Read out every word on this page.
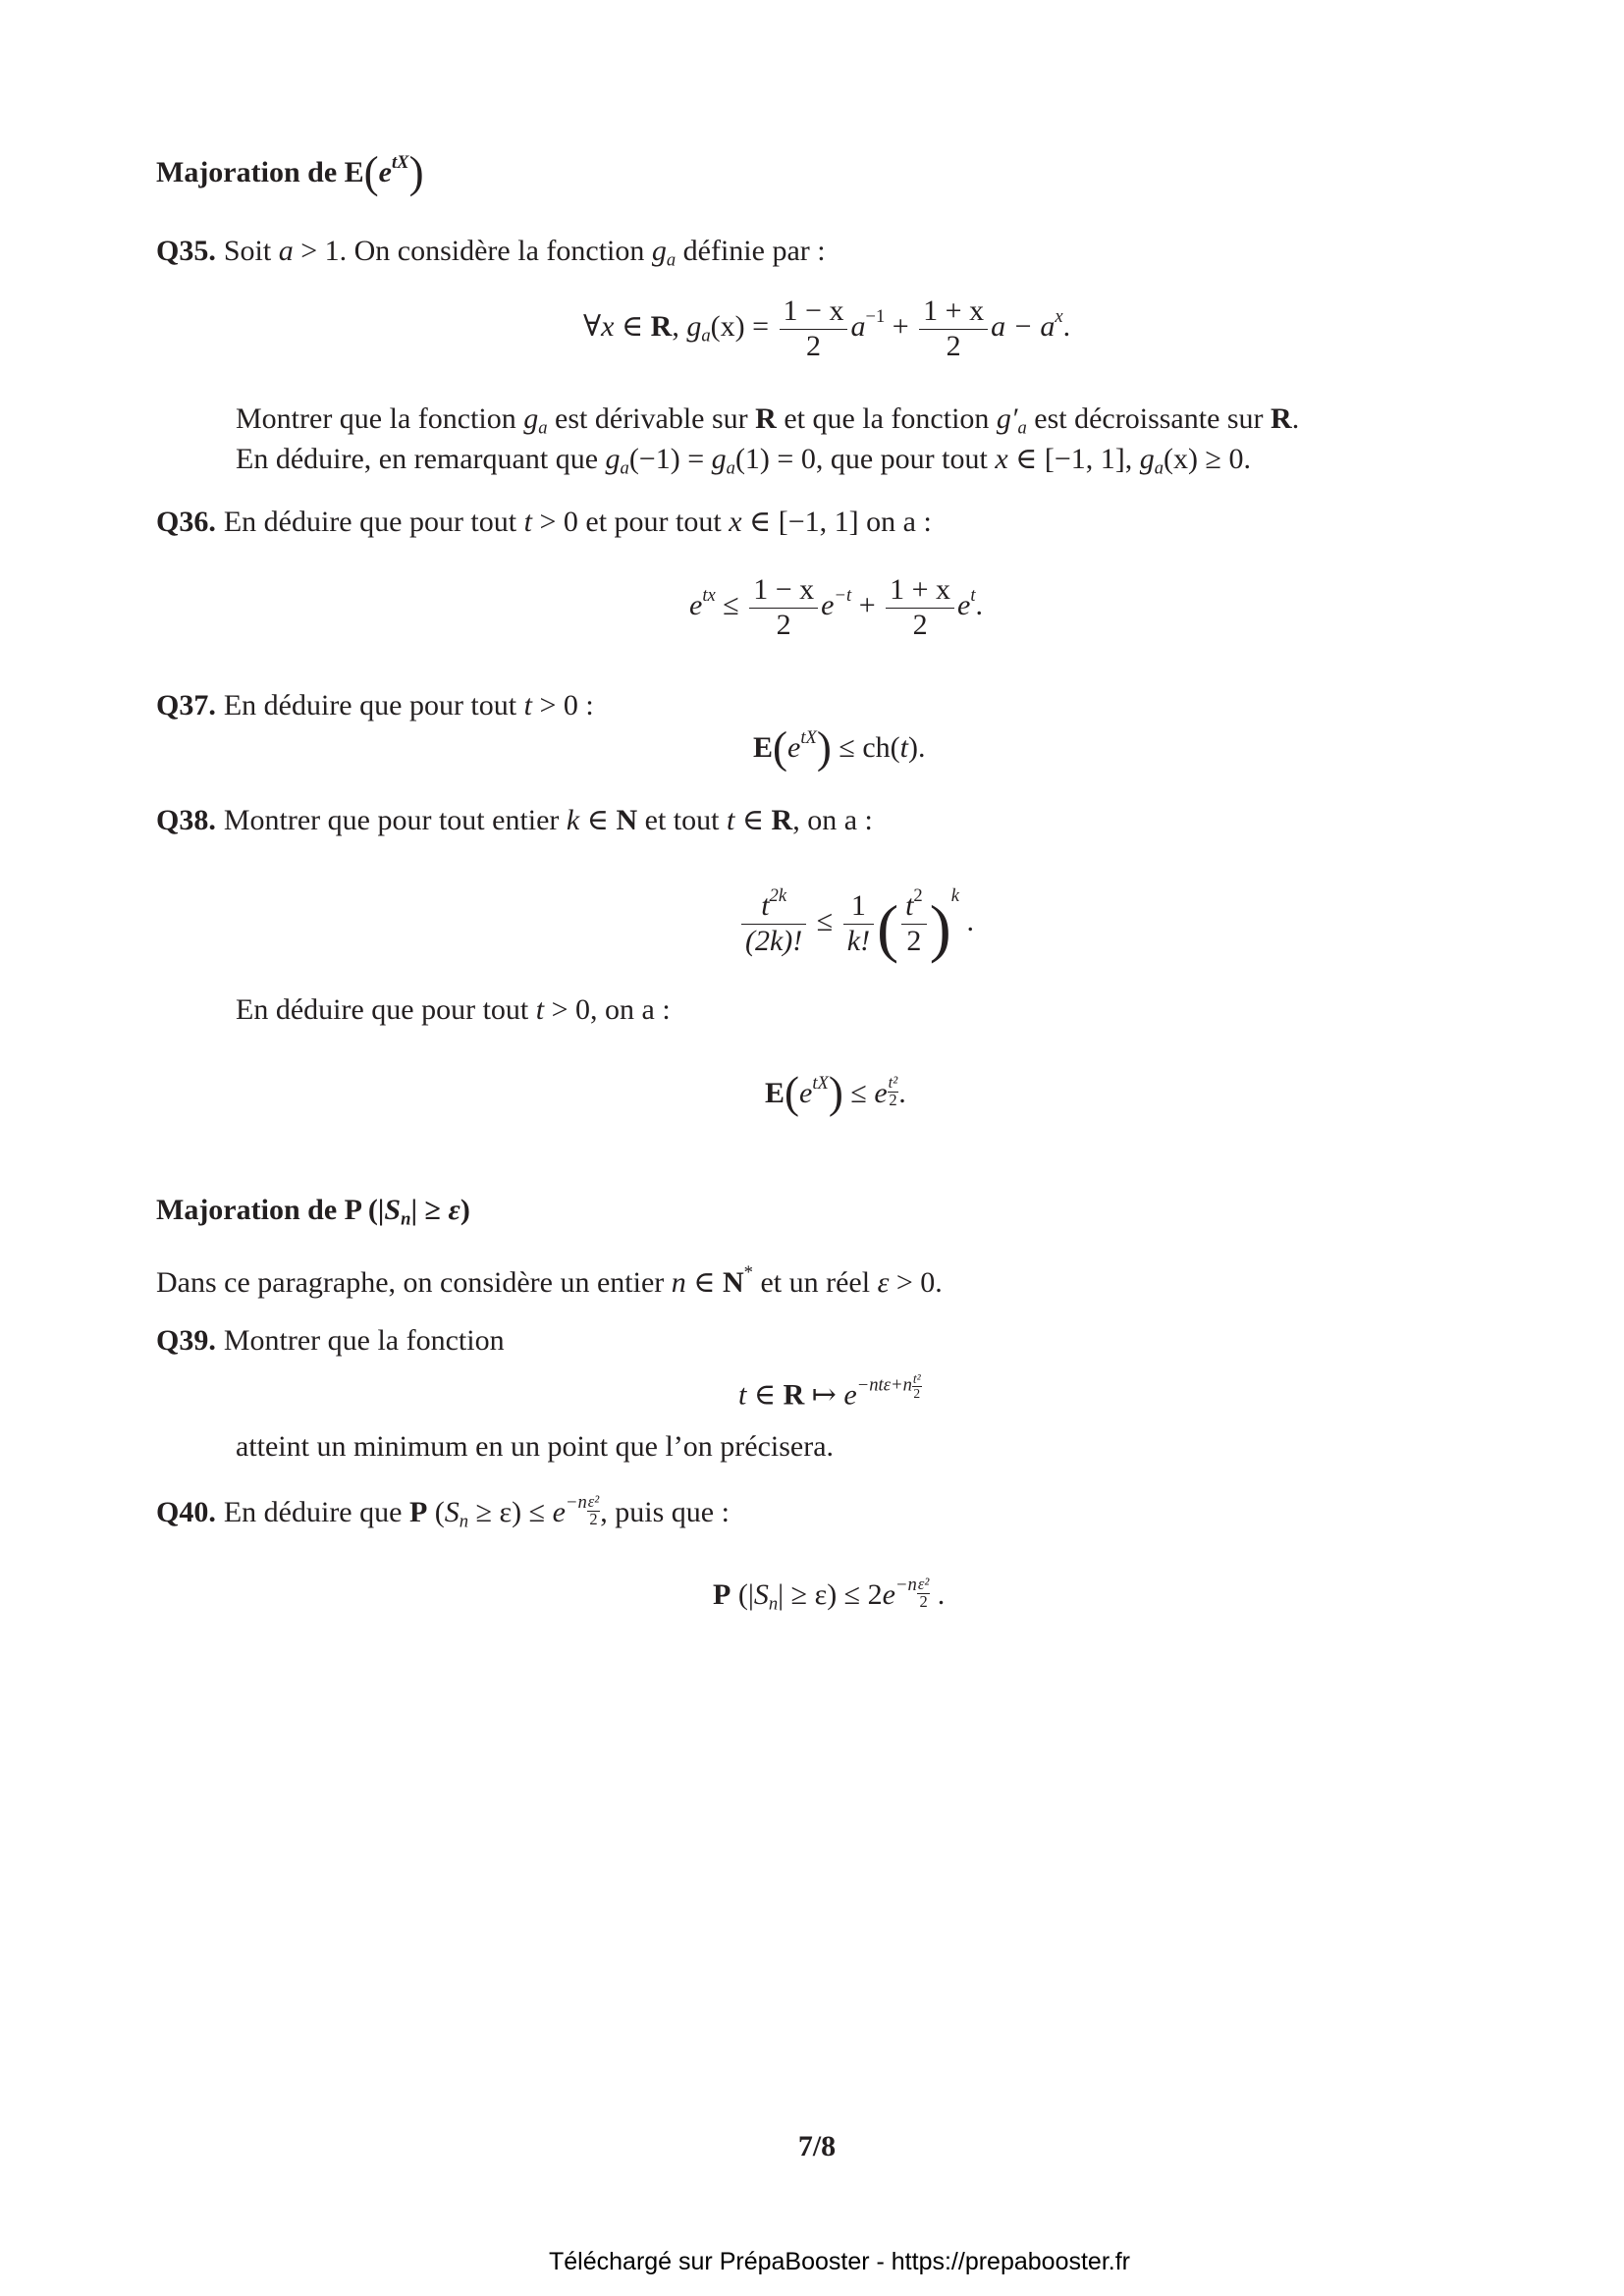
Majoration de $E(e^{tX})$
Q35. Soit a > 1. On considère la fonction $g_a$ définie par :
∀x ∈ R, $g_a(x) = \frac{1 - x}{2} a^{-1} + \frac{1 + x}{2}$ $a - a^x$.
Montrer que la fonction $g_a$ est dérivable sur R et que la fonction $g'_a$ est décroissante sur R.
En déduire, en remarquant que $g_a(-1) = g_a(1) = 0$, que pour tout x ∈ [−1, 1], $g_a(x) \ge 0$.
Q36. En déduire que pour tout t > 0 et pour tout x ∈ [−1, 1] on a :
$e^{tx} \le \frac{1 - x}{2} e^{-t} + \frac{1 + x}{2} e^t$.
Q37. En déduire que pour tout t > 0 :
$E(e^{tX}) \le ch(t)$.
Q38. Montrer que pour tout entier k ∈ N et tout t ∈ R, on a :
$\frac{t^{2k}}{(2k)!} \le \frac{1}{k!}$ ( $\frac{t^2}{2} )^k$ .
En déduire que pour tout t > 0, on a :
$E(e^{tX}) \le e \frac{\text{t²}}{2}$ .
Majoration de P $(|S_n| \ge \varepsilon)$
Dans ce paragraphe, on considère un entier n ∈ N* et un réel ε > 0.
Q39. Montrer que la fonction
t ∈ R ↦ $e^{-nt\varepsilon+n} \frac{\text{t²}}{2}$
atteint un minimum en un point que l’on précisera.
Q40. En déduire que P $(S_n \ge \varepsilon) \le e^{-n} \frac{\text{ε²}}{2}$ , puis que :
P $(|S_n| \ge \varepsilon) \le 2e^{-n} \frac{\text{ε²}}{2}$ .
7/8
Téléchargé sur PrépaBooster - https://prepabooster.fr
